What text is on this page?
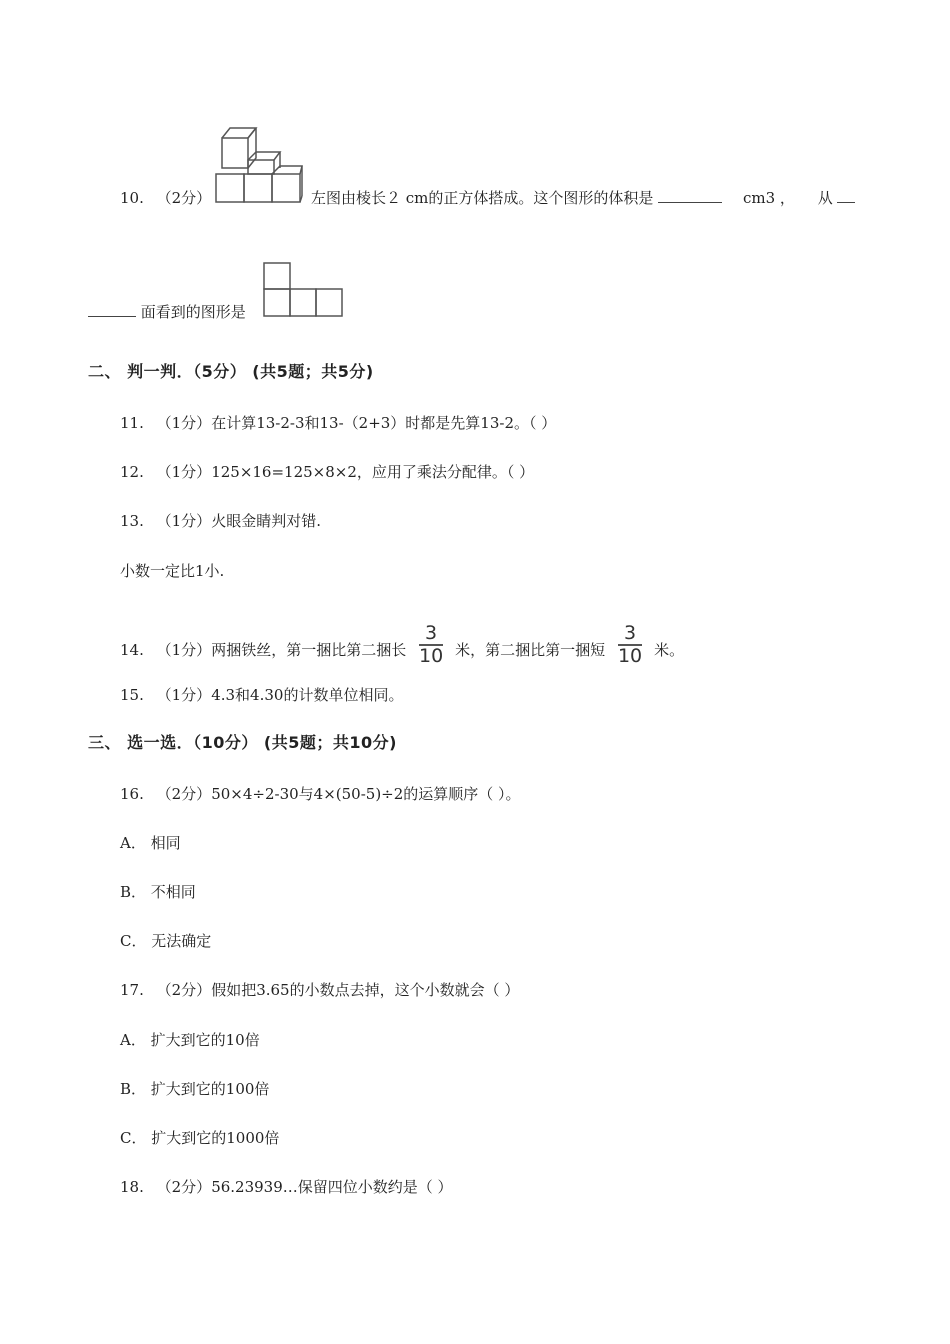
10. （2分）	左图由棱长２ cm的正方体搭成。这个图形的体积是	cm3 ， 从
面看到的图形是
二、 判一判．（5分） (共5题；共5分)
11. （1分）在计算13-2-3和13-（2+3）时都是先算13-2。（ ）
12. （1分）125×16=125×8×2，应用了乘法分配律。（ ）
13. （1分）火眼金睛判对错.
小数一定比1小.
14. （1分）两捆铁丝，第一捆比第二捆长 $\frac{3}{10}$ 米，第二捆比第一捆短 $\frac{3}{10}$ 米。
15. （1分）4.3和4.30的计数单位相同。
三、 选一选．（10分） (共5题；共10分)
16. （2分）50×4÷2-30与4×(50-5)÷2的运算顺序（ ）。
A． 相同
B． 不相同
C． 无法确定
17. （2分）假如把3.65的小数点去掉，这个小数就会（ ）
A． 扩大到它的10倍
B． 扩大到它的100倍
C． 扩大到它的1000倍
18. （2分）56.23939…保留四位小数约是（ ）
